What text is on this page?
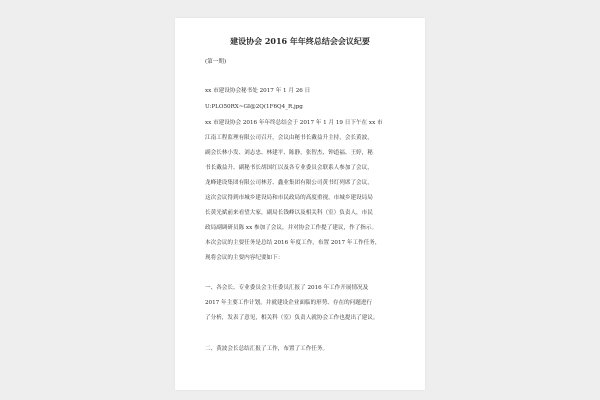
建设协会 2016 年年终总结会会议纪要
(第一期)
xx 市建设协会秘书处 2017 年 1 月 26 日
U:PLO50RX~GI@2Q(1F6Q4_R.jpg
xx 市建设协会 2016 年年终总结会于 2017 年 1 月 19 日下午在 xx 市
江南工程监理有限公司召开，会议由秘书长戴益升主持，会长黄波，
副会长林小发、刘志忠、林建平、陈静，张智杰、钟道福、王婷，秘
书长戴益升、副秘书长胡国红以及各专业委员会联系人参加了会议，
龙峰建设集团有限公司林芳、鑫业集团有限公司黄书灯列席了会议，
这次会议得到市城乡建设局和市民政局的高度重视，市城乡建设局局
长黄光斌前来看望大家，副局长钱峰以及相关科（室）负责人，市民
政局副调研员陈 xx 参加了会议，并对协会工作提了建议，作了指示。
本次会议的主要任务是总结 2016 年度工作，布置 2017 年工作任务，
现将会议的主要内容纪要如下：
一、各会长、专业委员会主任委员汇报了 2016 年工作开展情况及
2017 年主要工作计划，并就建设企业面临的形势、存在的问题进行
了分析，发表了意见，相关科（室）负责人就协会工作也提出了建议。
二、黄波会长总结汇报了工作，布置了工作任务。
